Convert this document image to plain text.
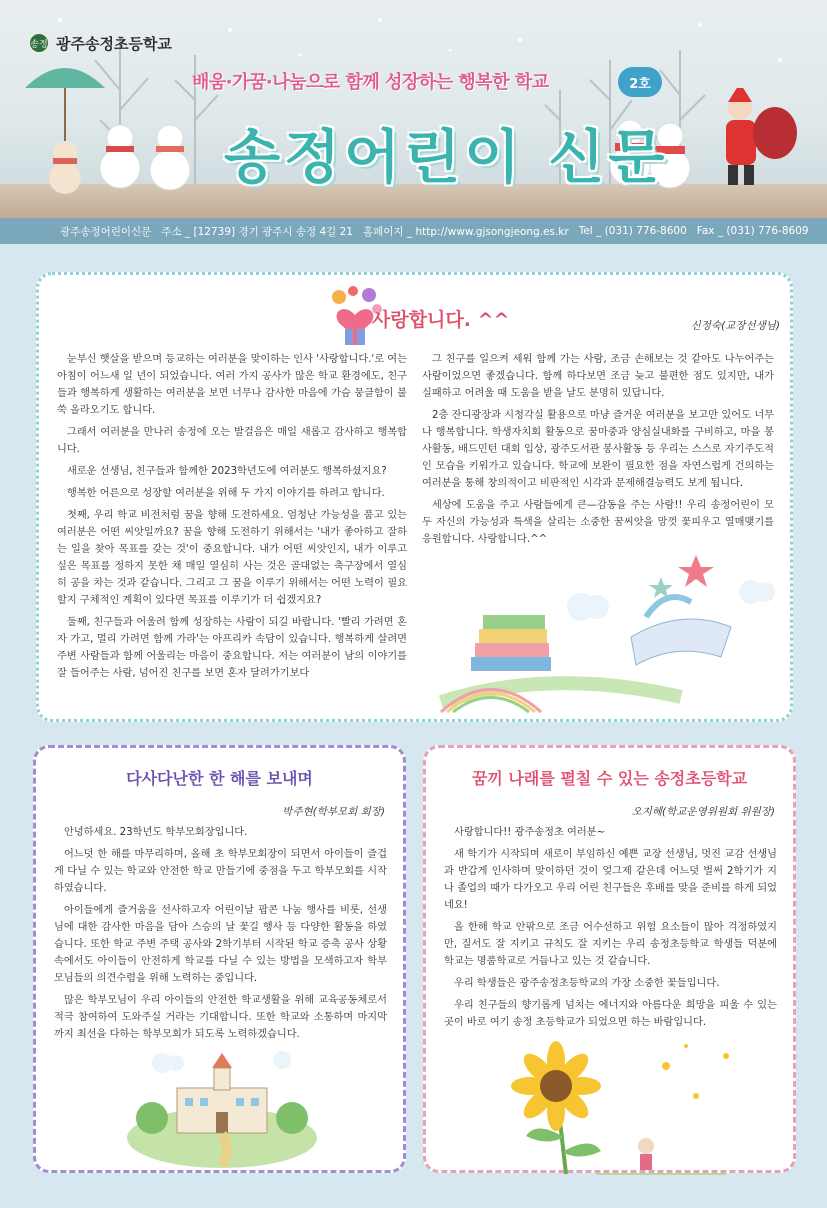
송정 광주송정초등학교
배움·가꿈·나눔으로 함께 성장하는 행복한 학교	2호
송정어린이 신문
광주송정어린이신문 주소 _ [12739] 경기 광주시 송정 4길 21 홈페이지 _ http://www.gjsongjeong.es.kr Tel _ (031) 776-8600 Fax _ (031) 776-8609
사랑합니다. ^^	신정숙(교장선생님)

눈부신 햇살을 받으며 등교하는 여러분을 맞이하는 인사 '사랑합니다.'로 여는 아침이 어느새 일 년이 되었습니다. 여러 가지 공사가 많은 학교 환경에도, 친구들과 행복하게 생활하는 여러분을 보면 너무나 감사한 마음에 가슴 뭉클함이 불쑥 올라오기도 합니다.

그래서 여러분을 만나러 송정에 오는 발걸음은 매일 새롭고 감사하고 행복합니다.

새로운 선생님, 친구들과 함께한 2023학년도에 여러분도 행복하셨지요?

행복한 어른으로 성장할 여러분을 위해 두 가지 이야기를 하려고 합니다.

첫째, 우리 학교 비전처럼 꿈을 향해 도전하세요. 엄청난 가능성을 품고 있는 여러분은 어떤 씨앗일까요? 꿈을 향해 도전하기 위해서는 '내가 좋아하고 잘하는 일을 찾아 목표를 갖는 것'이 중요합니다. 내가 어떤 씨앗인지, 내가 이루고 싶은 목표를 정하지 못한 채 매일 열심히 사는 것은 골대없는 축구장에서 열심히 공을 차는 것과 같습니다. 그리고 그 꿈을 이루기 위해서는 어떤 노력이 필요할지 구체적인 계획이 있다면 목표를 이루기가 더 쉽겠지요?

둘째, 친구들과 어울려 함께 성장하는 사람이 되길 바랍니다. '빨리 가려면 혼자 가고, 멀리 가려면 함께 가라'는 아프리카 속담이 있습니다. 행복하게 살려면 주변 사람들과 함께 어울리는 마음이 중요합니다. 저는 여러분이 남의 이야기를 잘 들어주는 사람, 넘어진 친구를 보면 혼자 달려가기보다

그 친구를 일으켜 세워 함께 가는 사람, 조금 손해보는 것 같아도 나누어주는 사람이었으면 좋겠습니다. 함께 하다보면 조금 늦고 불편한 점도 있지만, 내가 실패하고 어려울 때 도움을 받을 날도 분명히 있답니다.

2층 잔디광장과 시청각실 활용으로 마냥 즐거운 여러분을 보고만 있어도 너무나 행복합니다. 학생자치회 활동으로 꿈마중과 양심실내화를 구비하고, 마을 봉사활동, 배드민턴 대회 입상, 광주도서관 봉사활동 등 우리는 스스로 자기주도적인 모습을 키워가고 있습니다. 학교에 보완이 필요한 점을 자연스럽게 건의하는 여러분을 통해 창의적이고 비판적인 시각과 문제해결능력도 보게 됩니다.

세상에 도움을 주고 사람들에게 큰—감동을 주는 사람!! 우리 송정어린이 모두 자신의 가능성과 특색을 살리는 소중한 꿈씨앗을 맘껏 꽃피우고 열매맺기를 응원합니다. 사랑합니다.^^

다사다난한 한 해를 보내며
박주현(학부모회 회장)

안녕하세요. 23학년도 학부모회장입니다.

어느덧 한 해를 마무리하며, 올해 초 학부모회장이 되면서 아이들이 즐겁게 다닐 수 있는 학교와 안전한 학교 만들기에 중점을 두고 학부모회를 시작하였습니다.

아이들에게 즐거움을 선사하고자 어린이날 팝콘 나눔 행사를 비롯, 선생님에 대한 감사한 마음을 담아 스승의 날 꽃길 행사 등 다양한 활동을 하였습니다. 또한 학교 주변 주택 공사와 2학기부터 시작된 학교 증축 공사 상황 속에서도 아이들이 안전하게 학교를 다닐 수 있는 방법을 모색하고자 학부모님들의 의견수렴을 위해 노력하는 중입니다.

많은 학부모님이 우리 아이들의 안전한 학교생활을 위해 교육공동체로서 적극 참여하여 도와주실 거라는 기대합니다. 또한 학교와 소통하며 마지막까지 최선을 다하는 학부모회가 되도록 노력하겠습니다.

꿈끼 나래를 펼칠 수 있는 송정초등학교
오지혜(학교운영위원회 위원장)

사랑합니다!! 광주송정초 여러분~

새 학기가 시작되며 새로이 부임하신 예쁜 교장 선생님, 멋진 교감 선생님과 반갑게 인사하며 맞이하던 것이 엊그제 같은데 어느덧 벌써 2학기가 지나 졸업의 때가 다가오고 우리 어린 친구들은 후배를 맞을 준비를 하게 되었네요!

올 한해 학교 안팎으로 조금 어수선하고 위험 요소들이 많아 걱정하였지만, 질서도 잘 지키고 규칙도 잘 지키는 우리 송정초등학교 학생들 덕분에 학교는 명품학교로 거듭나고 있는 것 같습니다.

우리 학생들은 광주송정초등학교의 가장 소중한 꽃들입니다.

우리 친구들의 향기롭게 넘치는 에너지와 아름다운 희망을 피울 수 있는 곳이 바로 여기 송정 초등학교가 되었으면 하는 바람입니다.
